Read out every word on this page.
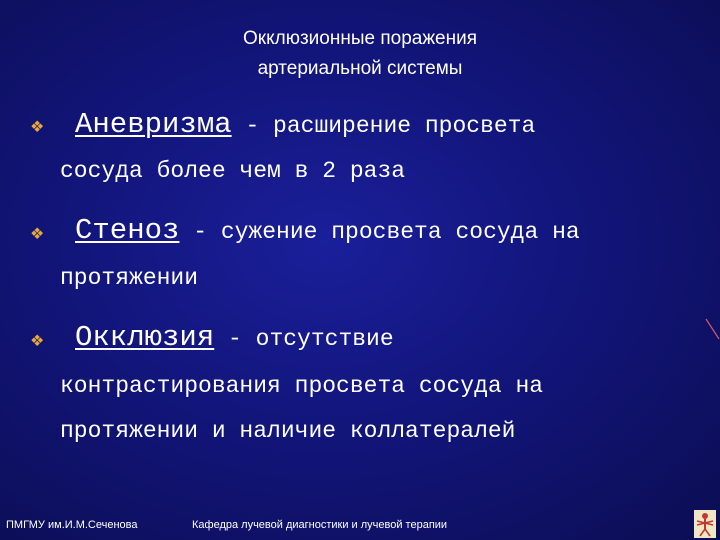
Окклюзионные поражения
артериальной системы
❖ Аневризма - расширение просвета
сосуда более чем в 2 раза
❖ Стеноз - сужение просвета сосуда на
протяжении
❖ Окклюзия - отсутствие
контрастирования просвета сосуда на
протяжении и наличие коллатералей
ПМГМУ им.И.М.Сеченова	Кафедра лучевой диагностики и лучевой терапии
